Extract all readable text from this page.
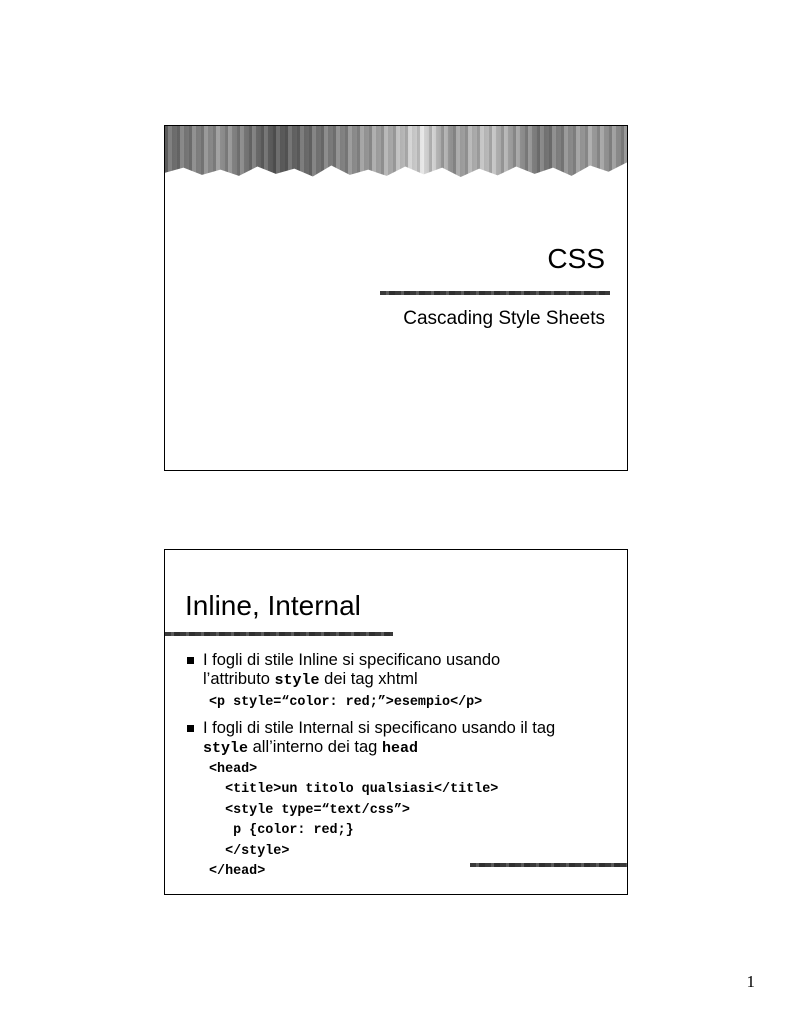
CSS

Cascading Style Sheets

Inline, Internal

I fogli di stile Inline si specificano usando
l’attributo style dei tag xhtml

<p style=“color: red;”>esempio</p>

I fogli di stile Internal si specificano usando il tag
style all’interno dei tag head

<head>

<title>un titolo qualsiasi</title>

<style type=“text/css”>

p {color: red;}

</style>

</head>

1
